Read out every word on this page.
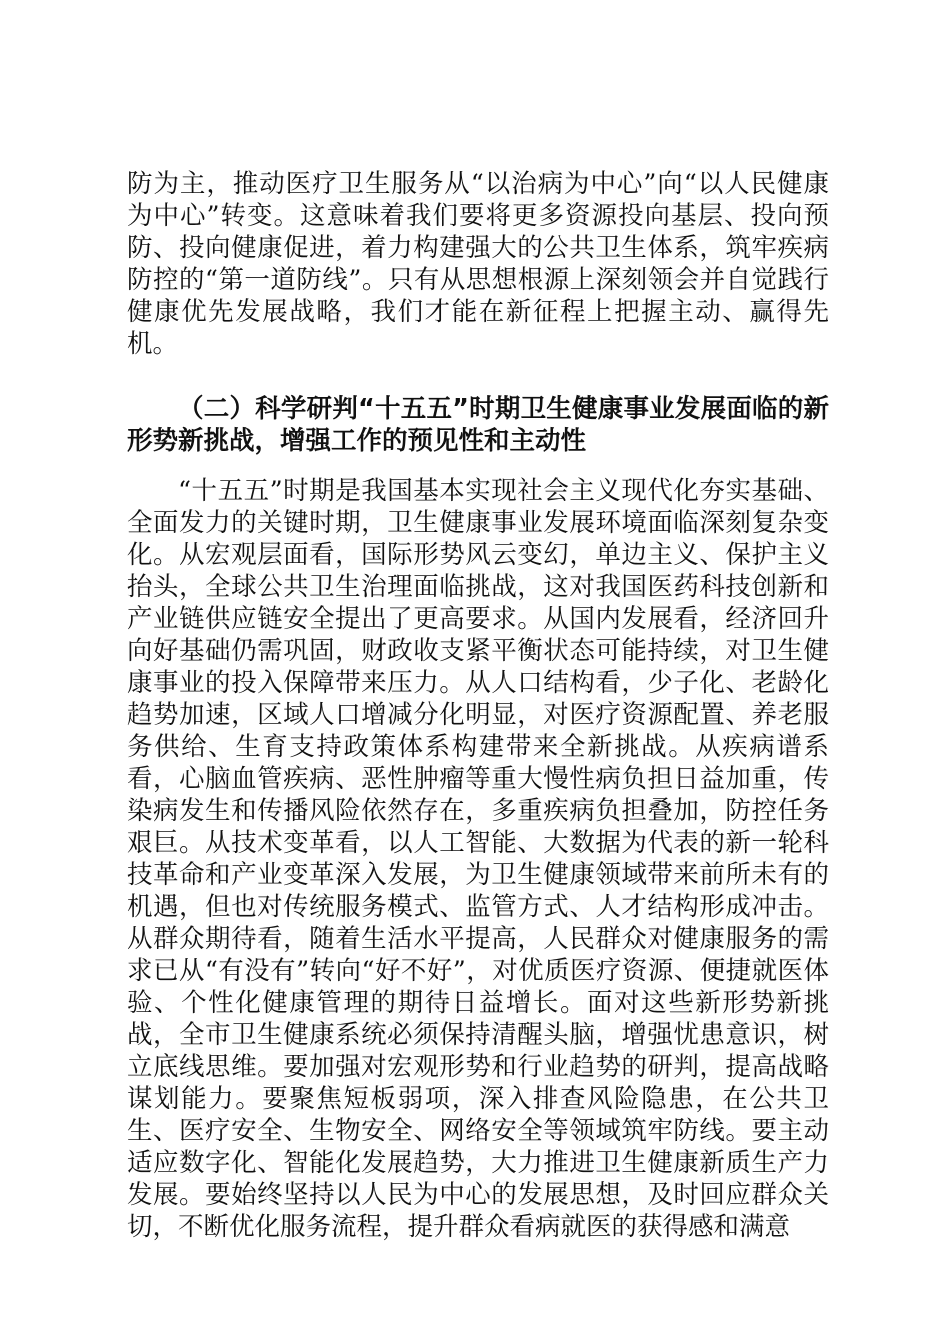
防为主，推动医疗卫生服务从“以治病为中心”向“以人民健康为中心”转变。这意味着我们要将更多资源投向基层、投向预防、投向健康促进，着力构建强大的公共卫生体系，筑牢疾病防控的“第一道防线”。只有从思想根源上深刻领会并自觉践行健康优先发展战略，我们才能在新征程上把握主动、赢得先机。

（二）科学研判“十五五”时期卫生健康事业发展面临的新形势新挑战，增强工作的预见性和主动性

“十五五”时期是我国基本实现社会主义现代化夯实基础、全面发力的关键时期，卫生健康事业发展环境面临深刻复杂变化。从宏观层面看，国际形势风云变幻，单边主义、保护主义抬头，全球公共卫生治理面临挑战，这对我国医药科技创新和产业链供应链安全提出了更高要求。从国内发展看，经济回升向好基础仍需巩固，财政收支紧平衡状态可能持续，对卫生健康事业的投入保障带来压力。从人口结构看，少子化、老龄化趋势加速，区域人口增减分化明显，对医疗资源配置、养老服务供给、生育支持政策体系构建带来全新挑战。从疾病谱系看，心脑血管疾病、恶性肿瘤等重大慢性病负担日益加重，传染病发生和传播风险依然存在，多重疾病负担叠加，防控任务艰巨。从技术变革看，以人工智能、大数据为代表的新一轮科技革命和产业变革深入发展，为卫生健康领域带来前所未有的机遇，但也对传统服务模式、监管方式、人才结构形成冲击。从群众期待看，随着生活水平提高，人民群众对健康服务的需求已从“有没有”转向“好不好”，对优质医疗资源、便捷就医体验、个性化健康管理的期待日益增长。面对这些新形势新挑战，全市卫生健康系统必须保持清醒头脑，增强忧患意识，树立底线思维。要加强对宏观形势和行业趋势的研判，提高战略谋划能力。要聚焦短板弱项，深入排查风险隐患，在公共卫生、医疗安全、生物安全、网络安全等领域筑牢防线。要主动适应数字化、智能化发展趋势，大力推进卫生健康新质生产力发展。要始终坚持以人民为中心的发展思想，及时回应群众关切，不断优化服务流程，提升群众看病就医的获得感和满意
